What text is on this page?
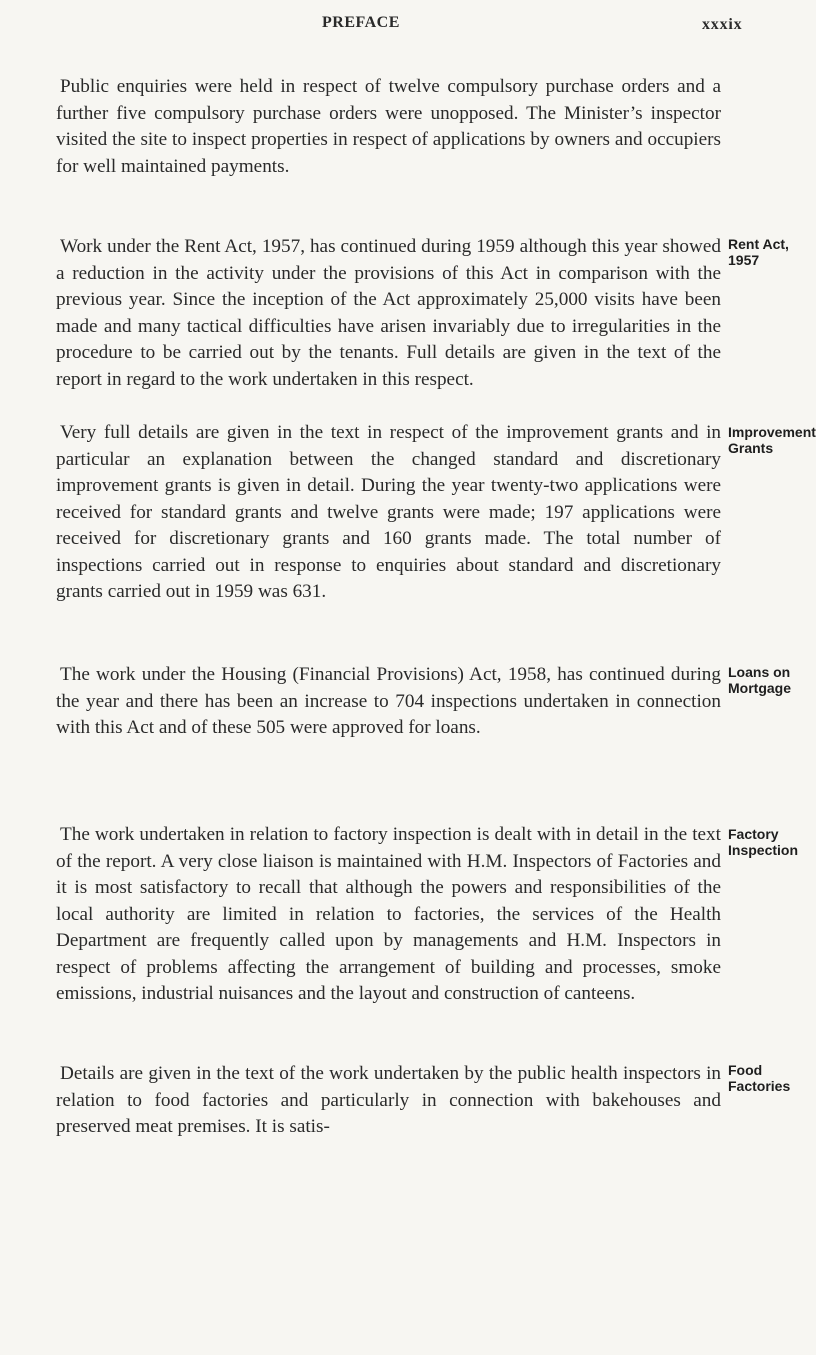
PREFACE	xxxix

Public enquiries were held in respect of twelve compulsory purchase orders and a further five compulsory purchase orders were unopposed. The Minister’s inspector visited the site to inspect properties in respect of applications by owners and occupiers for well maintained payments.

Work under the Rent Act, 1957, has continued during 1959 although this year showed a reduction in the activity under the provisions of this Act in comparison with the previous year. Since the inception of the Act approximately 25,000 visits have been made and many tactical difficulties have arisen invariably due to irregularities in the procedure to be carried out by the tenants. Full details are given in the text of the report in regard to the work undertaken in this respect.

Rent Act, 1957

Very full details are given in the text in respect of the improvement grants and in particular an explanation between the changed standard and discretionary improvement grants is given in detail. During the year twenty-two applications were received for standard grants and twelve grants were made; 197 applications were received for discretionary grants and 160 grants made. The total number of inspections carried out in response to enquiries about standard and discretionary grants carried out in 1959 was 631.

Improvement Grants

The work under the Housing (Financial Provisions) Act, 1958, has continued during the year and there has been an increase to 704 inspections undertaken in connection with this Act and of these 505 were approved for loans.

Loans on Mortgage

The work undertaken in relation to factory inspection is dealt with in detail in the text of the report. A very close liaison is maintained with H.M. Inspectors of Factories and it is most satisfactory to recall that although the powers and responsibilities of the local authority are limited in relation to factories, the services of the Health Department are frequently called upon by managements and H.M. Inspectors in respect of problems affecting the arrangement of building and processes, smoke emissions, industrial nuisances and the layout and construction of canteens.

Factory Inspection

Details are given in the text of the work undertaken by the public health inspectors in relation to food factories and particularly in connection with bakehouses and preserved meat premises. It is satis-

Food Factories
